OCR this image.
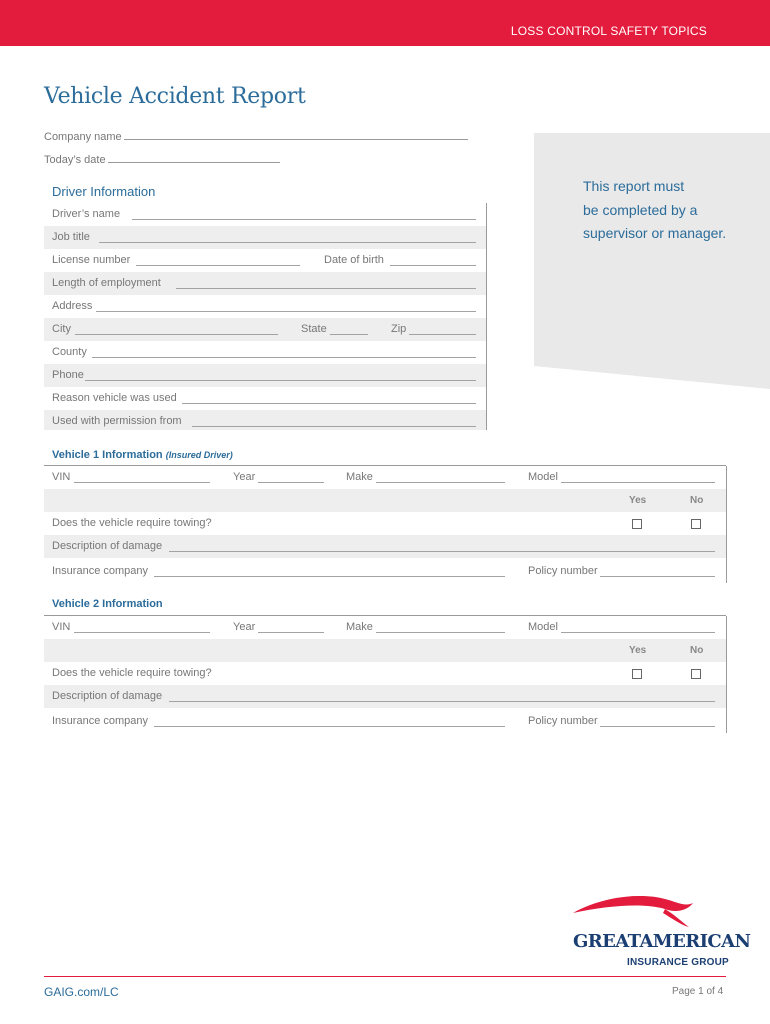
LOSS CONTROL SAFETY TOPICS
Vehicle Accident Report
Company name
Today’s date
This report must
be completed by a
supervisor or manager.
Driver Information
Driver’s name
Job title
License number	Date of birth
Length of employment
Address
City	State	Zip
County
Phone
Reason vehicle was used
Used with permission from
Vehicle 1 Information (Insured Driver)
VIN	Year	Make	Model
Yes	No
Does the vehicle require towing?
Description of damage
Insurance company	Policy number
Vehicle 2 Information
VIN	Year	Make	Model
Yes	No
Does the vehicle require towing?
Description of damage
Insurance company	Policy number
GREATAMERICAN
INSURANCE GROUP
GAIG.com/LC	Page 1 of 4
